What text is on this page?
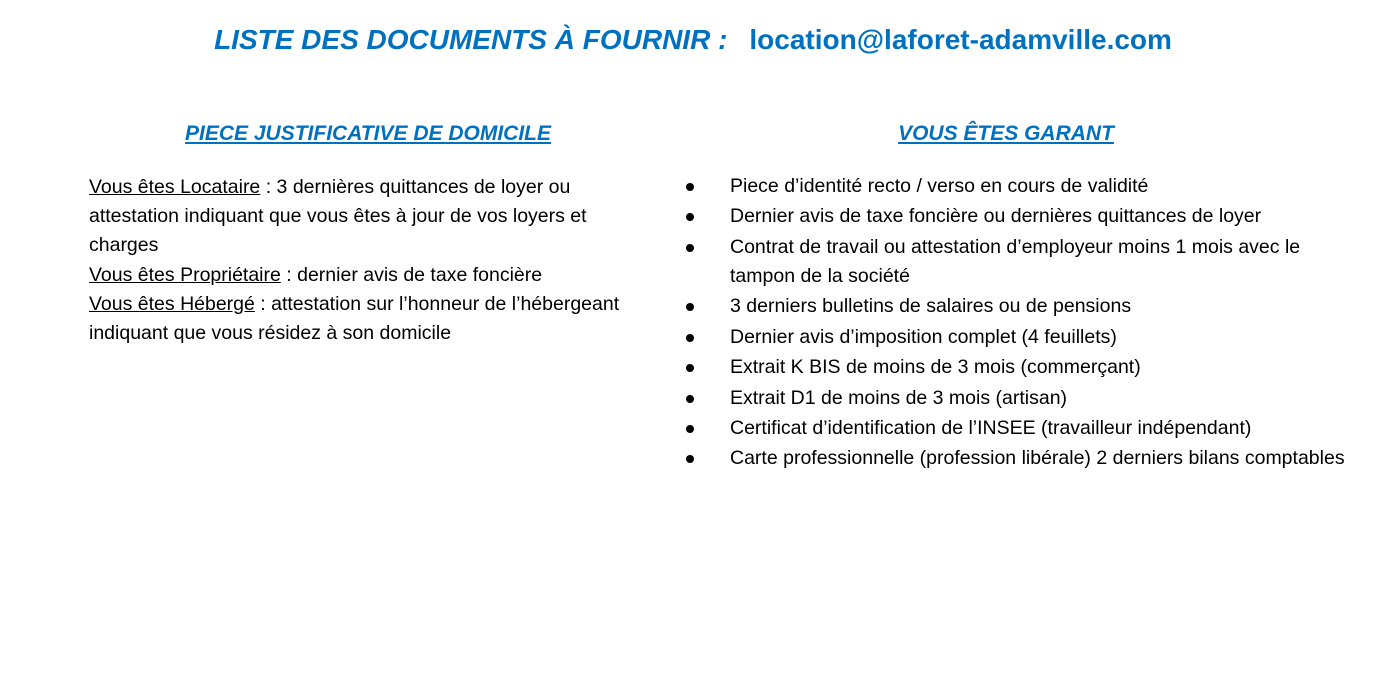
LISTE DES DOCUMENTS À FOURNIR : location@laforet-adamville.com
PIECE JUSTIFICATIVE DE DOMICILE	VOUS ÊTES GARANT
Vous êtes Locataire : 3 dernières quittances de loyer ou attestation indiquant que vous êtes à jour de vos loyers et charges
Vous êtes Propriétaire : dernier avis de taxe foncière
Vous êtes Hébergé : attestation sur l’honneur de l’hébergeant indiquant que vous résidez à son domicile
Piece d’identité recto / verso en cours de validité
Dernier avis de taxe foncière ou dernières quittances de loyer
Contrat de travail ou attestation d’employeur moins 1 mois avec le tampon de la société
3 derniers bulletins de salaires ou de pensions
Dernier avis d’imposition complet (4 feuillets)
Extrait K BIS de moins de 3 mois (commerçant)
Extrait D1 de moins de 3 mois (artisan)
Certificat d’identification de l’INSEE (travailleur indépendant)
Carte professionnelle (profession libérale) 2 derniers bilans comptables
